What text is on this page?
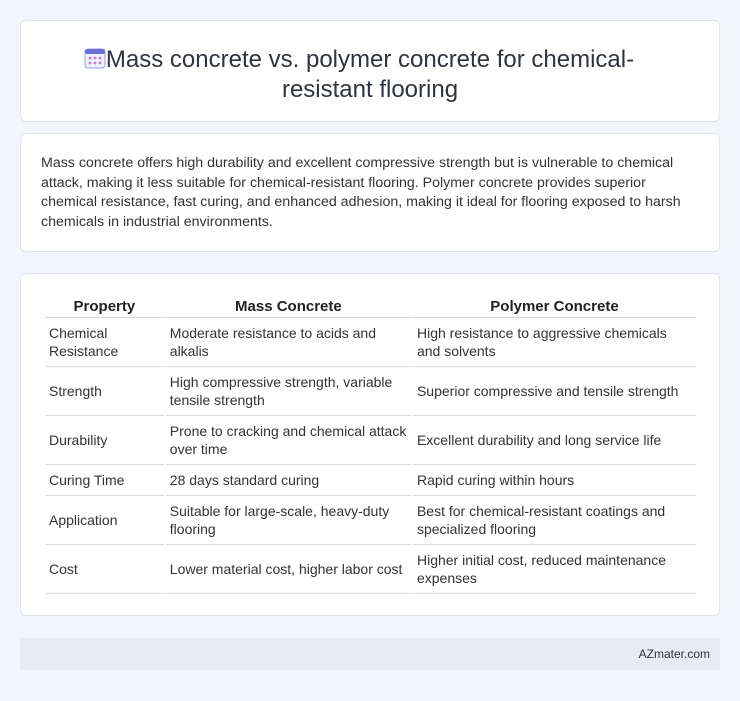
Mass concrete vs. polymer concrete for chemical-resistant flooring

Mass concrete offers high durability and excellent compressive strength but is vulnerable to chemical attack, making it less suitable for chemical-resistant flooring. Polymer concrete provides superior chemical resistance, fast curing, and enhanced adhesion, making it ideal for flooring exposed to harsh chemicals in industrial environments.

Property	Mass Concrete	Polymer Concrete
Chemical Resistance	Moderate resistance to acids and alkalis	High resistance to aggressive chemicals and solvents
Strength	High compressive strength, variable tensile strength	Superior compressive and tensile strength
Durability	Prone to cracking and chemical attack over time	Excellent durability and long service life
Curing Time	28 days standard curing	Rapid curing within hours
Application	Suitable for large-scale, heavy-duty flooring	Best for chemical-resistant coatings and specialized flooring
Cost	Lower material cost, higher labor cost	Higher initial cost, reduced maintenance expenses
AZmater.com
